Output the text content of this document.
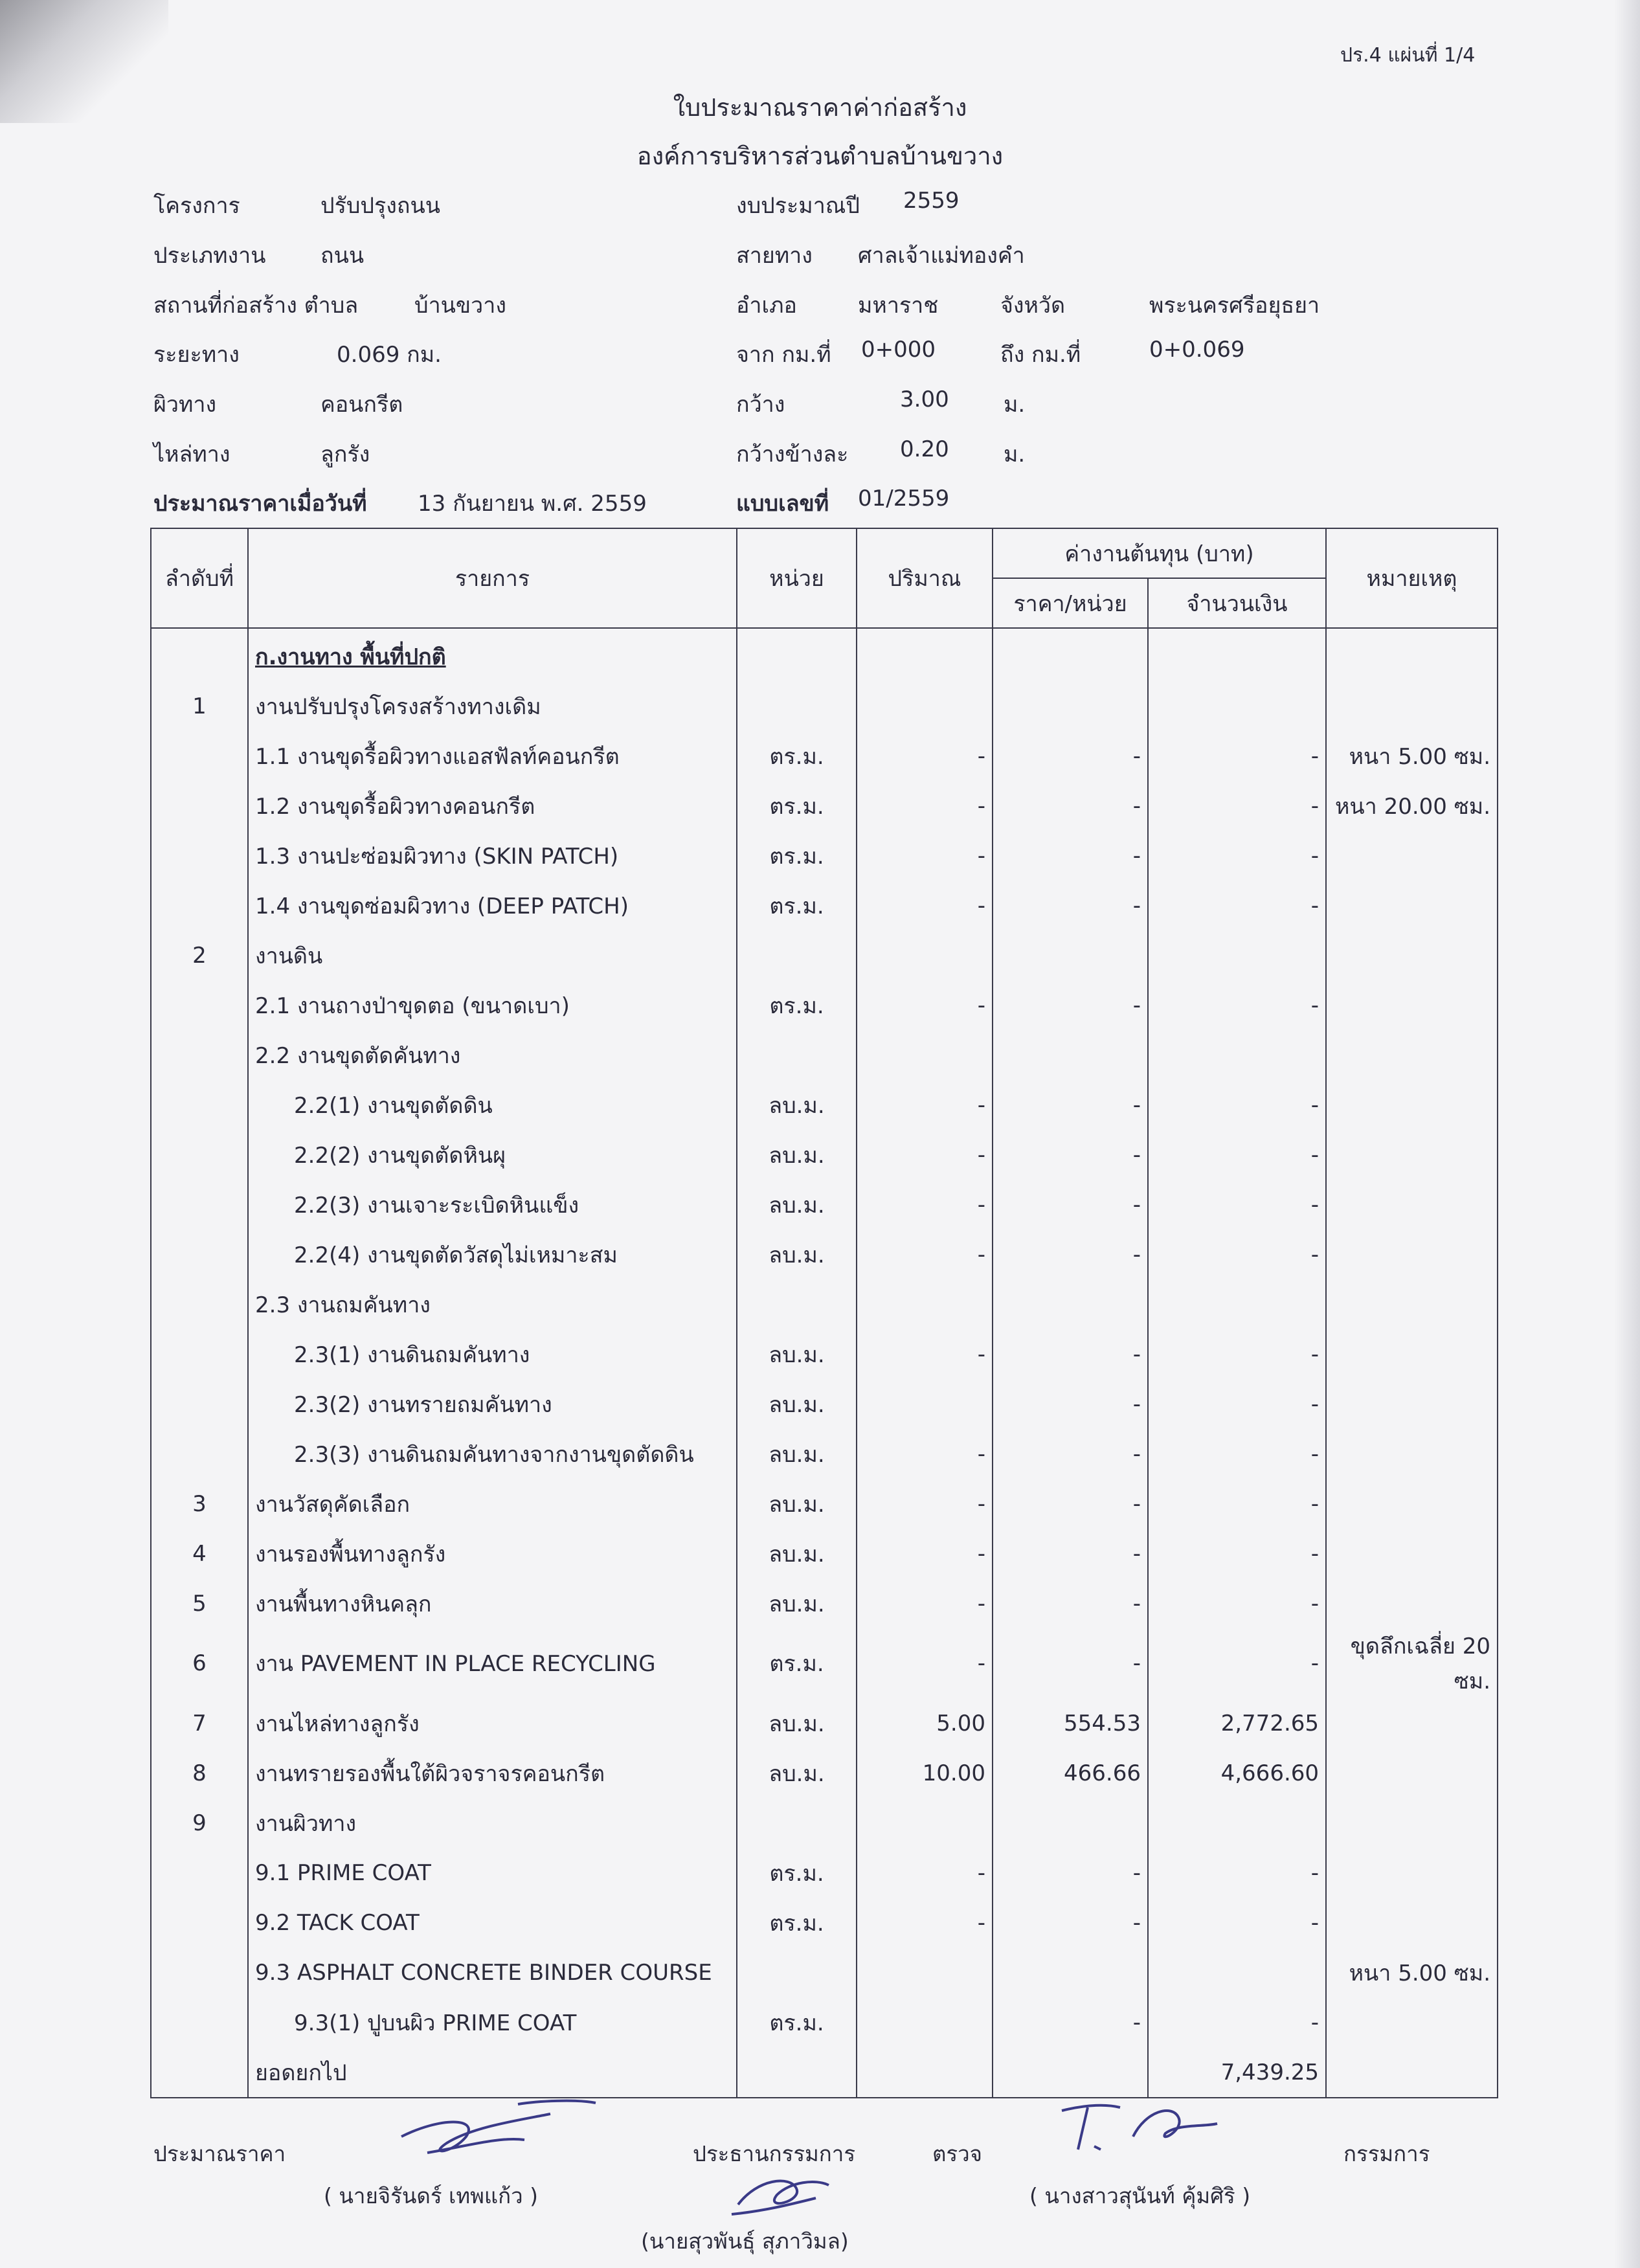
ปร.4 แผ่นที่ 1/4
ใบประมาณราคาค่าก่อสร้าง
องค์การบริหารส่วนตำบลบ้านขวาง
โครงการ	ปรับปรุงถนน
ประเภทงาน ถนน
สถานที่ก่อสร้าง ตำบล	บ้านขวาง
ระยะทาง	0.069 กม.
ผิวทาง	คอนกรีต
ไหล่ทาง	ลูกรัง
ประมาณราคาเมื่อวันที่ 13 กันยายน พ.ศ. 2559
งบประมาณปี 2559
สายทาง ศาลเจ้าแม่ทองคำ
อำเภอ	มหาราช	จังหวัด	พระนครศรีอยุธยา
จาก กม.ที่ 0+000	ถึง กม.ที่	0+0.069
กว้าง	3.00 ม.
กว้างข้างละ 0.20 ม.
แบบเลขที่ 01/2559
ลำดับที่	รายการ	หน่วย	ปริมาณ	ค่างานต้นทุน (บาท)		หมายเหตุ
				ราคา/หน่วย	จำนวนเงิน	
	ก.งานทาง พื้นที่ปกติ					
1	งานปรับปรุงโครงสร้างทางเดิม					
	1.1 งานขุดรื้อผิวทางแอสฟัลท์คอนกรีต	ตร.ม.	-	-	-	หนา 5.00 ซม.
	1.2 งานขุดรื้อผิวทางคอนกรีต	ตร.ม.	-	-	-	หนา 20.00 ซม.
	1.3 งานปะซ่อมผิวทาง (SKIN PATCH)	ตร.ม.	-	-	-	
	1.4 งานขุดซ่อมผิวทาง (DEEP PATCH)	ตร.ม.	-	-	-	
2	งานดิน					
	2.1 งานถางป่าขุดตอ (ขนาดเบา)	ตร.ม.	-	-	-	
	2.2 งานขุดตัดคันทาง					
	2.2(1) งานขุดตัดดิน	ลบ.ม.	-	-	-	
	2.2(2) งานขุดตัดหินผุ	ลบ.ม.	-	-	-	
	2.2(3) งานเจาะระเบิดหินแข็ง	ลบ.ม.	-	-	-	
	2.2(4) งานขุดตัดวัสดุไม่เหมาะสม	ลบ.ม.	-	-	-	
	2.3 งานถมคันทาง					
	2.3(1) งานดินถมคันทาง	ลบ.ม.	-	-	-	
	2.3(2) งานทรายถมคันทาง	ลบ.ม.		-	-	
	2.3(3) งานดินถมคันทางจากงานขุดตัดดิน	ลบ.ม.	-	-	-	
3	งานวัสดุคัดเลือก	ลบ.ม.	-	-	-	
4	งานรองพื้นทางลูกรัง	ลบ.ม.	-	-	-	
5	งานพื้นทางหินคลุก	ลบ.ม.	-	-	-	
6	งาน PAVEMENT IN PLACE RECYCLING	ตร.ม.	-	-	-	ขุดลึกเฉลี่ย 20 ซม.
7	งานไหล่ทางลูกรัง	ลบ.ม.	5.00	554.53	2,772.65	
8	งานทรายรองพื้นใต้ผิวจราจรคอนกรีต	ลบ.ม.	10.00	466.66	4,666.60	
9	งานผิวทาง					
	9.1 PRIME COAT	ตร.ม.	-	-	-	
	9.2 TACK COAT	ตร.ม.	-	-	-	
	9.3 ASPHALT CONCRETE BINDER COURSE					หนา 5.00 ซม.
	9.3(1) ปูบนผิว PRIME COAT	ตร.ม.		-	-	
	ยอดยกไป				7,439.25	
ประมาณราคา
( นายจิรันดร์ เทพแก้ว )
ประธานกรรมการ
(นายสุวพันธุ์ สุภาวิมล)
ตรวจ
( นางสาวสุนันท์ คุ้มศิริ )
กรรมการ
